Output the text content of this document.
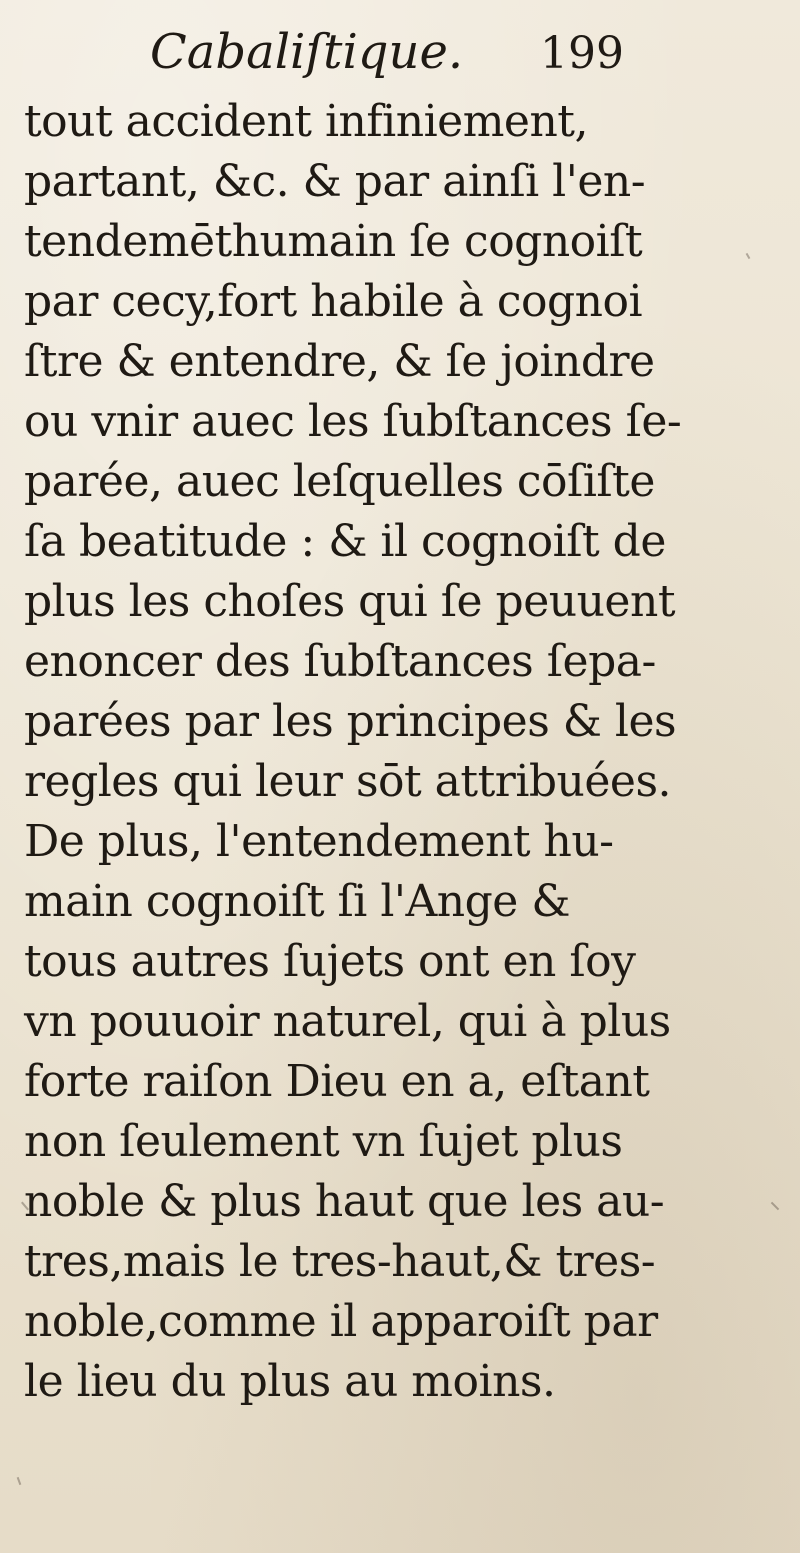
Cabaliſtique. 199
tout accident infiniement,
partant, &c. & par ainſi l'en-
tendemēthumain ſe cognoiſt
par cecy,fort habile à cognoi
ſtre & entendre, & ſe joindre
ou vnir auec les ſubſtances ſe-
parée, auec leſquelles cōſiſte
ſa beatitude : & il cognoiſt de
plus les choſes qui ſe peuuent
enoncer des ſubſtances ſepa-
parées par les principes & les
regles qui leur sōt attribuées.
De plus, l'entendement hu-
main cognoiſt ſi l'Ange &
tous autres ſujets ont en ſoy
vn pouuoir naturel, qui à plus
forte raiſon Dieu en a, eſtant
non ſeulement vn ſujet plus
noble & plus haut que les au-
tres,mais le tres-haut,& tres-
noble,comme il apparoiſt par
le lieu du plus au moins.
